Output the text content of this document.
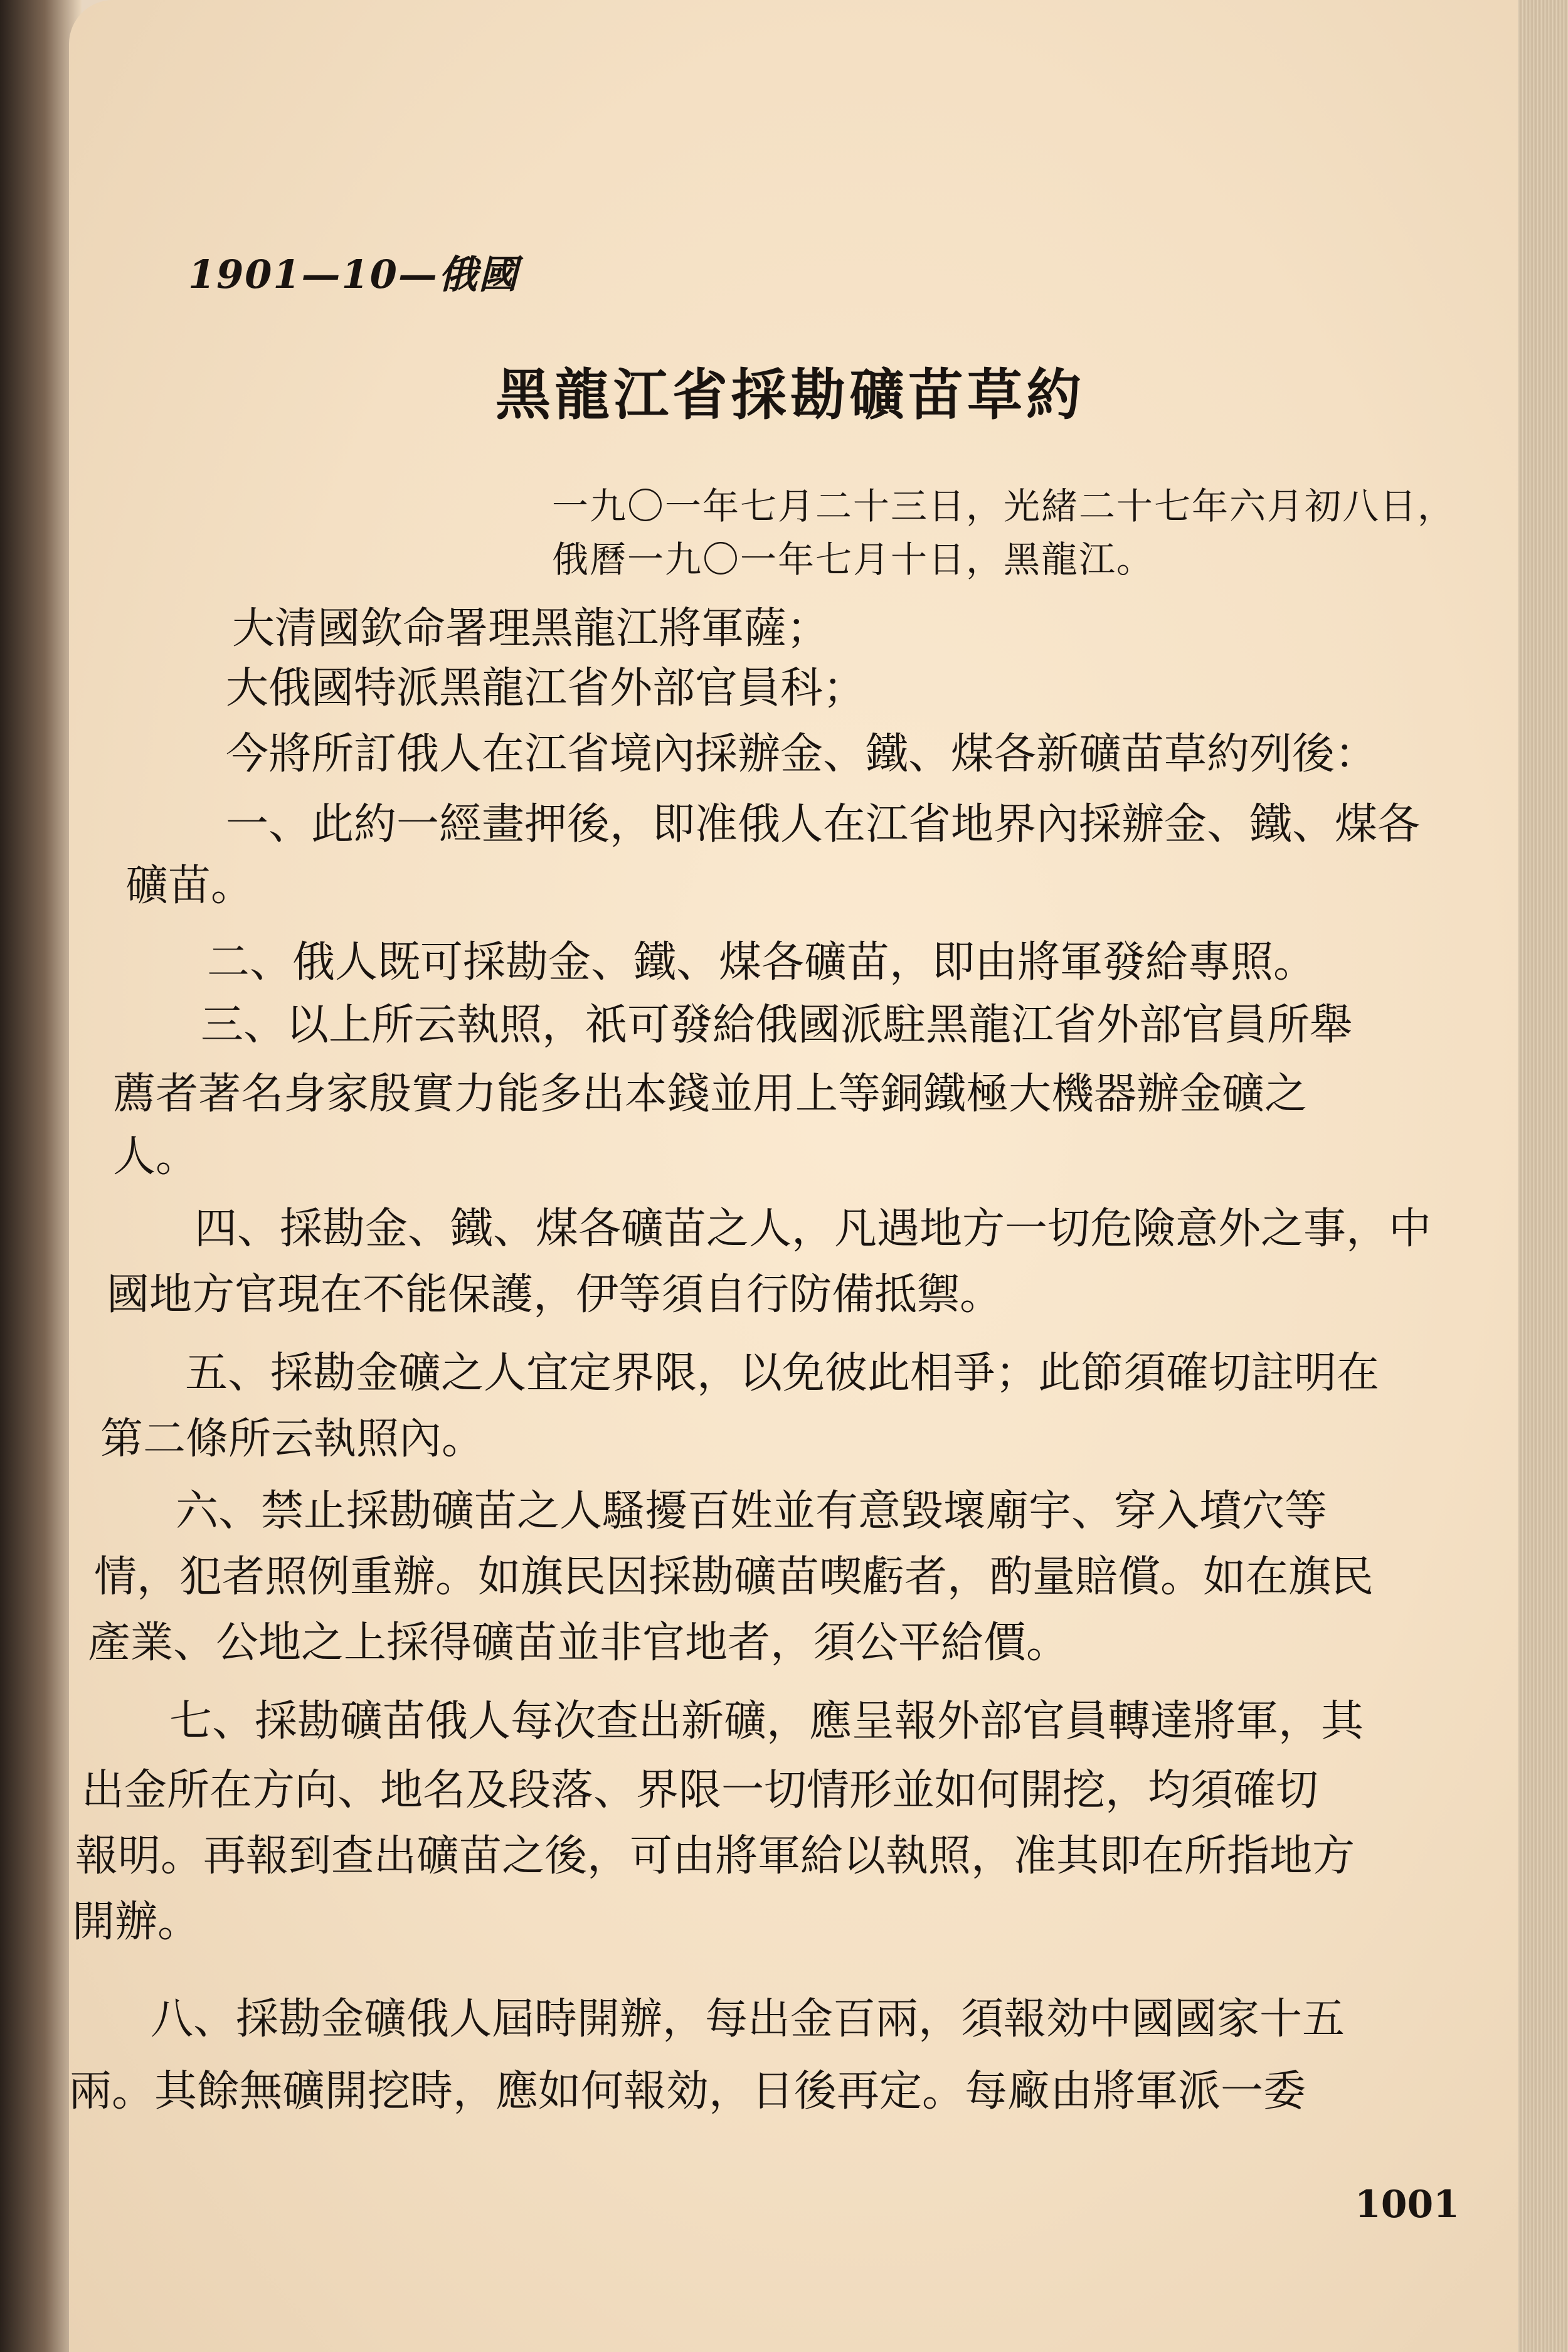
1901—10—俄國
黑龍江省採勘礦苗草約
一九〇一年七月二十三日，光緒二十七年六月初八日，
俄曆一九〇一年七月十日，黑龍江。
大清國欽命署理黑龍江將軍薩；
大俄國特派黑龍江省外部官員科；
今將所訂俄人在江省境內採辦金、鐵、煤各新礦苗草約列後：
一、此約一經畫押後，即准俄人在江省地界內採辦金、鐵、煤各
礦苗。
二、俄人既可採勘金、鐵、煤各礦苗，即由將軍發給專照。
三、以上所云執照，祇可發給俄國派駐黑龍江省外部官員所舉
薦者著名身家殷實力能多出本錢並用上等銅鐵極大機器辦金礦之
人。
四、採勘金、鐵、煤各礦苗之人，凡遇地方一切危險意外之事，中
國地方官現在不能保護，伊等須自行防備抵禦。
五、採勘金礦之人宜定界限，以免彼此相爭；此節須確切註明在
第二條所云執照內。
六、禁止採勘礦苗之人騷擾百姓並有意毀壞廟宇、穿入墳穴等
情，犯者照例重辦。如旗民因採勘礦苗喫虧者，酌量賠償。如在旗民
產業、公地之上採得礦苗並非官地者，須公平給價。
七、採勘礦苗俄人每次查出新礦，應呈報外部官員轉達將軍，其
出金所在方向、地名及段落、界限一切情形並如何開挖，均須確切
報明。再報到查出礦苗之後，可由將軍給以執照，准其即在所指地方
開辦。
八、採勘金礦俄人屆時開辦，每出金百兩，須報効中國國家十五
兩。其餘無礦開挖時，應如何報効，日後再定。每廠由將軍派一委
1001
